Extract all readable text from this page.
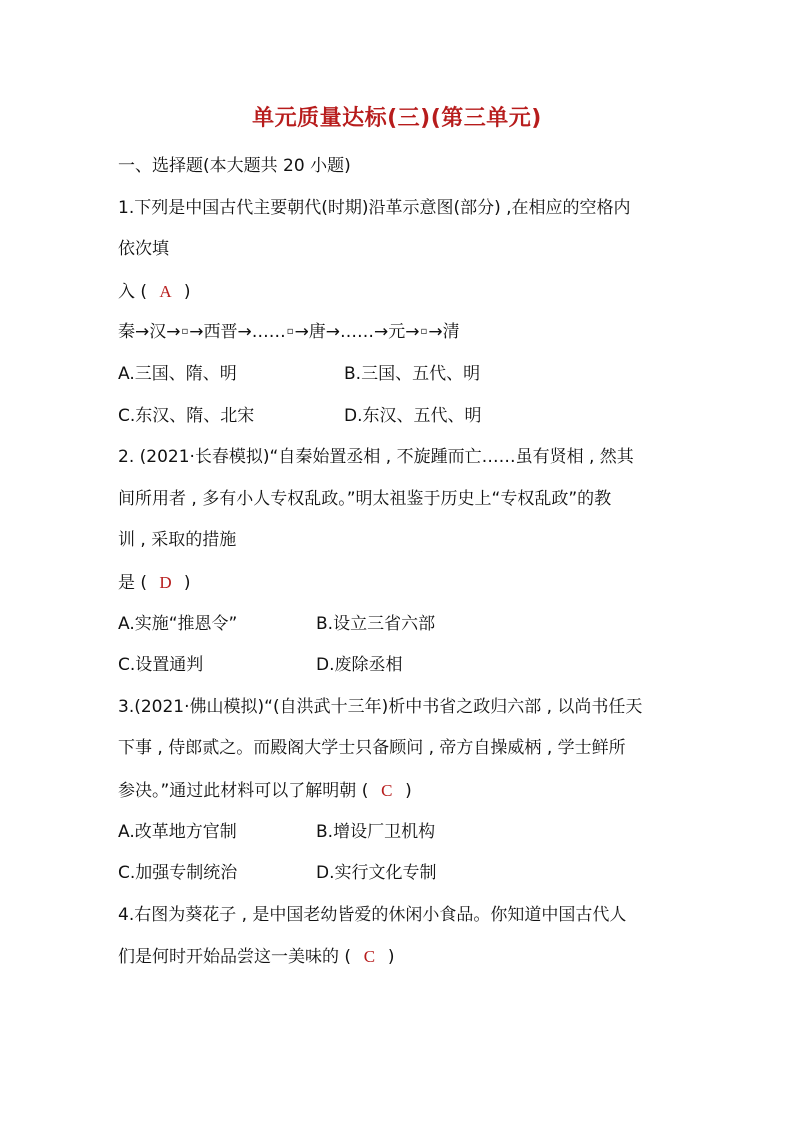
单元质量达标(三)(第三单元)
一、选择题(本大题共 20 小题)
1.下列是中国古代主要朝代(时期)沿革示意图(部分) ,在相应的空格内
依次填
入 ( A )
秦→汉→▫→西晋→……▫→唐→……→元→▫→清
A.三国、隋、明	B.三国、五代、明
C.东汉、隋、北宋	D.东汉、五代、明
2. (2021·长春模拟)“自秦始置丞相 , 不旋踵而亡……虽有贤相 , 然其
间所用者 , 多有小人专权乱政。”明太祖鉴于历史上“专权乱政”的教
训 , 采取的措施
是 ( D )
A.实施“推恩令”	B.设立三省六部
C.设置通判	D.废除丞相
3.(2021·佛山模拟)“(自洪武十三年)析中书省之政归六部 , 以尚书任天
下事 , 侍郎贰之。而殿阁大学士只备顾问 , 帝方自操威柄 , 学士鲜所
参决。”通过此材料可以了解明朝 ( C )
A.改革地方官制	B.增设厂卫机构
C.加强专制统治	D.实行文化专制
4.右图为葵花子 , 是中国老幼皆爱的休闲小食品。你知道中国古代人
们是何时开始品尝这一美味的 ( C )
